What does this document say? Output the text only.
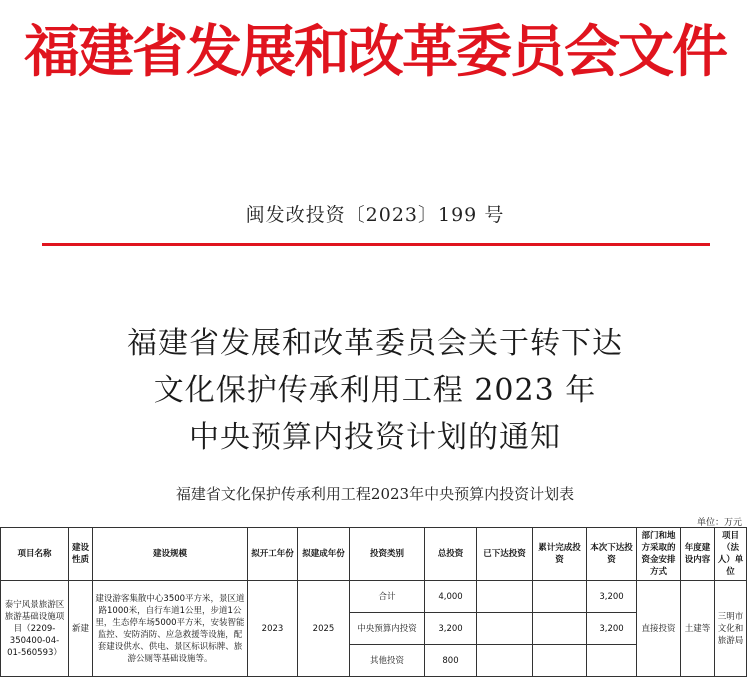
福建省发展和改革委员会文件
闽发改投资〔2023〕199 号
福建省发展和改革委员会关于转下达
文化保护传承利用工程 2023 年
中央预算内投资计划的通知
福建省文化保护传承利用工程2023年中央预算内投资计划表
单位：万元
项目名称	建设性质	建设规模	拟开工年份	拟建成年份	投资类别	总投资	已下达投资	累计完成投资	本次下达投资	部门和地方采取的资金安排方式	年度建设内容	项目（法人）单位
泰宁风景旅游区旅游基础设施项目（2209-350400-04-01-560593）	新建	建设游客集散中心3500平方米，景区道路1000米，自行车道1公里，步道1公里，生态停车场5000平方米，安装智能监控、安防消防、应急救援等设施，配套建设供水、供电、景区标识标牌、旅游公厕等基础设施等。	2023	2025	合计	4,000			3,200	直接投资	土建等	三明市文化和旅游局
					中央预算内投资	3,200			3,200			
					其他投资	800						
